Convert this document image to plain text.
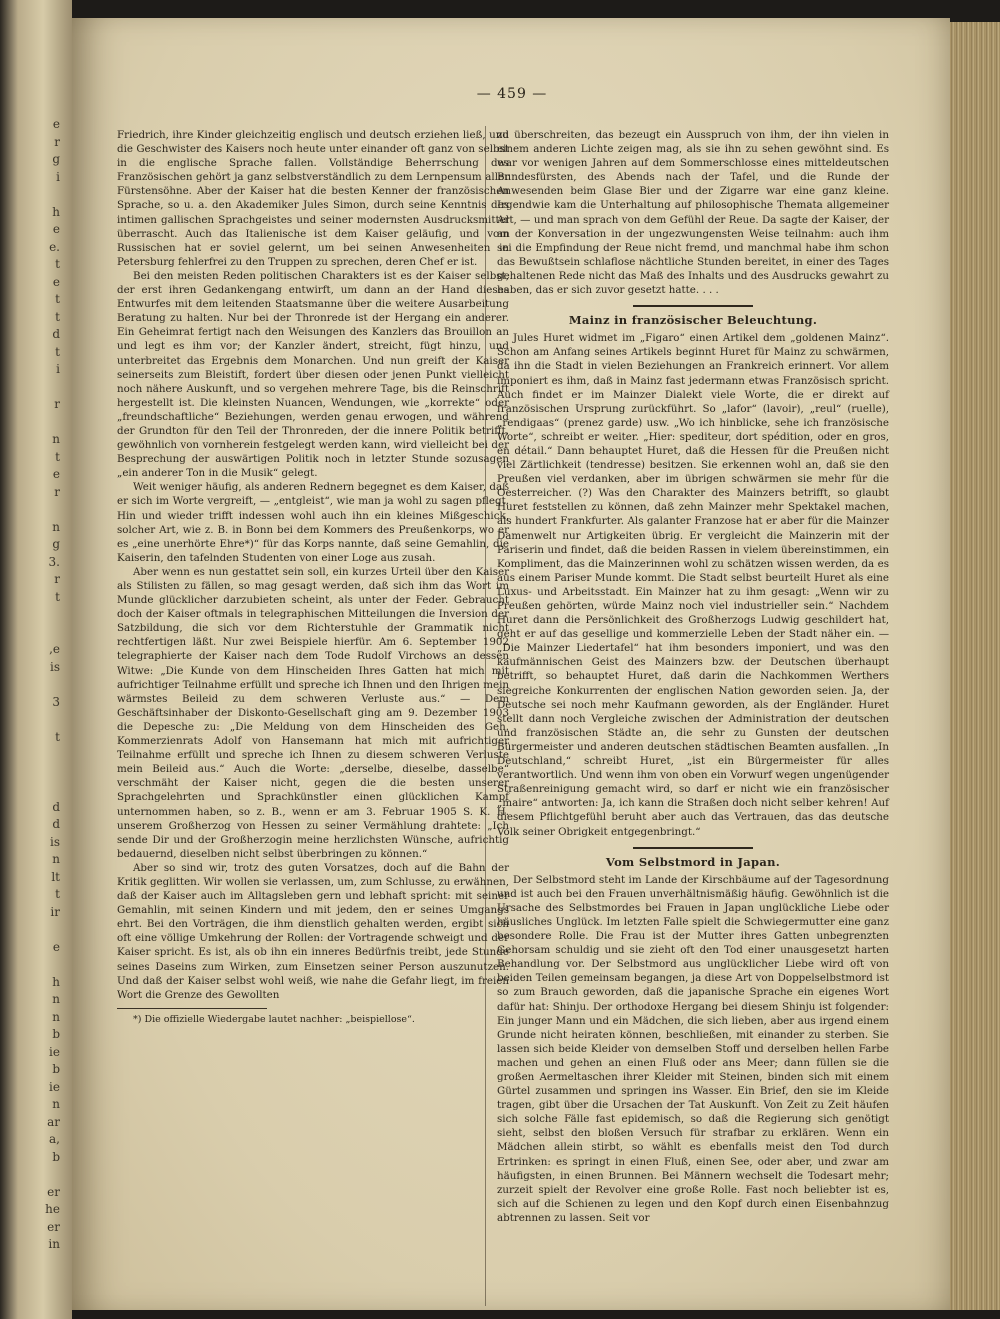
e
r
g
i
h
e
e.
t
e
t
t
d
t
i
r
n
t
e
r
n
g
3.
r
t
,e
is
3
t
d
d
is
n
lt
t
ir
e
h
n
n
b
ie
b
ie
n
ar
a,
b
er
he
er
in
— 459 —

Friedrich, ihre Kinder gleichzeitig englisch und deutsch erziehen ließ, und die Geschwister des Kaisers noch heute unter einander oft ganz von selbst in die englische Sprache fallen. Vollständige Beherrschung des Französischen gehört ja ganz selbstverständlich zu dem Lernpensum aller Fürstensöhne. Aber der Kaiser hat die besten Kenner der französischen Sprache, so u. a. den Akademiker Jules Simon, durch seine Kenntnis des intimen gallischen Sprachgeistes und seiner modernsten Ausdrucksmittel überrascht. Auch das Italienische ist dem Kaiser geläufig, und vom Russischen hat er soviel gelernt, um bei seinen Anwesenheiten in Petersburg fehlerfrei zu den Truppen zu sprechen, deren Chef er ist.

Bei den meisten Reden politischen Charakters ist es der Kaiser selbst, der erst ihren Gedankengang entwirft, um dann an der Hand dieses Entwurfes mit dem leitenden Staatsmanne über die weitere Ausarbeitung Beratung zu halten. Nur bei der Thronrede ist der Hergang ein anderer. Ein Geheimrat fertigt nach den Weisungen des Kanzlers das Brouillon an und legt es ihm vor; der Kanzler ändert, streicht, fügt hinzu, und unterbreitet das Ergebnis dem Monarchen. Und nun greift der Kaiser seinerseits zum Bleistift, fordert über diesen oder jenen Punkt vielleicht noch nähere Auskunft, und so vergehen mehrere Tage, bis die Reinschrift hergestellt ist. Die kleinsten Nuancen, Wendungen, wie „korrekte“ oder „freundschaftliche“ Beziehungen, werden genau erwogen, und während der Grundton für den Teil der Thronreden, der die innere Politik betrifft, gewöhnlich von vornherein festgelegt werden kann, wird vielleicht bei der Besprechung der auswärtigen Politik noch in letzter Stunde sozusagen „ein anderer Ton in die Musik“ gelegt.

Weit weniger häufig, als anderen Rednern begegnet es dem Kaiser, daß er sich im Worte vergreift, — „entgleist“, wie man ja wohl zu sagen pflegt. Hin und wieder trifft indessen wohl auch ihn ein kleines Mißgeschick, solcher Art, wie z. B. in Bonn bei dem Kommers des Preußenkorps, wo er es „eine unerhörte Ehre*)“ für das Korps nannte, daß seine Gemahlin, die Kaiserin, den tafelnden Studenten von einer Loge aus zusah.

Aber wenn es nun gestattet sein soll, ein kurzes Urteil über den Kaiser als Stilisten zu fällen, so mag gesagt werden, daß sich ihm das Wort im Munde glücklicher darzubieten scheint, als unter der Feder. Gebraucht doch der Kaiser oftmals in telegraphischen Mitteilungen die Inversion der Satzbildung, die sich vor dem Richterstuhle der Grammatik nicht rechtfertigen läßt. Nur zwei Beispiele hierfür. Am 6. September 1902 telegraphierte der Kaiser nach dem Tode Rudolf Virchows an dessen Witwe: „Die Kunde von dem Hinscheiden Ihres Gatten hat mich mit aufrichtiger Teilnahme erfüllt und spreche ich Ihnen und den Ihrigen mein wärmstes Beileid zu dem schweren Verluste aus.“ — Dem Geschäftsinhaber der Diskonto-Gesellschaft ging am 9. Dezember 1903 die Depesche zu: „Die Meldung von dem Hinscheiden des Geh. Kommerzienrats Adolf von Hansemann hat mich mit aufrichtiger Teilnahme erfüllt und spreche ich Ihnen zu diesem schweren Verluste mein Beileid aus.“ Auch die Worte: „derselbe, dieselbe, dasselbe“ verschmäht der Kaiser nicht, gegen die die besten unserer Sprachgelehrten und Sprachkünstler einen glücklichen Kampf unternommen haben, so z. B., wenn er am 3. Februar 1905 S. K. H. unserem Großherzog von Hessen zu seiner Vermählung drahtete: „Ich sende Dir und der Großherzogin meine herzlichsten Wünsche, aufrichtig bedauernd, dieselben nicht selbst überbringen zu können.“

Aber so sind wir, trotz des guten Vorsatzes, doch auf die Bahn der Kritik geglitten. Wir wollen sie verlassen, um, zum Schlusse, zu erwähnen, daß der Kaiser auch im Alltagsleben gern und lebhaft spricht: mit seiner Gemahlin, mit seinen Kindern und mit jedem, den er seines Umgangs ehrt. Bei den Vorträgen, die ihm dienstlich gehalten werden, ergibt sich oft eine völlige Umkehrung der Rollen: der Vortragende schweigt und der Kaiser spricht. Es ist, als ob ihn ein inneres Bedürfnis treibt, jede Stunde seines Daseins zum Wirken, zum Einsetzen seiner Person auszunutzen. Und daß der Kaiser selbst wohl weiß, wie nahe die Gefahr liegt, im freien Wort die Grenze des Gewollten

*) Die offizielle Wiedergabe lautet nachher: „beispiellose“.

zu überschreiten, das bezeugt ein Ausspruch von ihm, der ihn vielen in einem anderen Lichte zeigen mag, als sie ihn zu sehen gewöhnt sind. Es war vor wenigen Jahren auf dem Sommerschlosse eines mitteldeutschen Bundesfürsten, des Abends nach der Tafel, und die Runde der Anwesenden beim Glase Bier und der Zigarre war eine ganz kleine. Irgendwie kam die Unterhaltung auf philosophische Themata allgemeiner Art, — und man sprach von dem Gefühl der Reue. Da sagte der Kaiser, der an der Konversation in der ungezwungensten Weise teilnahm: auch ihm sei die Empfindung der Reue nicht fremd, und manchmal habe ihm schon das Bewußtsein schlaflose nächtliche Stunden bereitet, in einer des Tages gehaltenen Rede nicht das Maß des Inhalts und des Ausdrucks gewahrt zu haben, das er sich zuvor gesetzt hatte. . . .

Mainz in französischer Beleuchtung.

Jules Huret widmet im „Figaro“ einen Artikel dem „goldenen Mainz“. Schon am Anfang seines Artikels beginnt Huret für Mainz zu schwärmen, da ihn die Stadt in vielen Beziehungen an Frankreich erinnert. Vor allem imponiert es ihm, daß in Mainz fast jedermann etwas Französisch spricht. Auch findet er im Mainzer Dialekt viele Worte, die er direkt auf französischen Ursprung zurückführt. So „lafor“ (lavoir), „reul“ (ruelle), „rendigaas“ (prenez garde) usw. „Wo ich hinblicke, sehe ich französische Worte“, schreibt er weiter. „Hier: spediteur, dort spédition, oder en gros, en détail.“ Dann behauptet Huret, daß die Hessen für die Preußen nicht viel Zärtlichkeit (tendresse) besitzen. Sie erkennen wohl an, daß sie den Preußen viel verdanken, aber im übrigen schwärmen sie mehr für die Oesterreicher. (?) Was den Charakter des Mainzers betrifft, so glaubt Huret feststellen zu können, daß zehn Mainzer mehr Spektakel machen, als hundert Frankfurter. Als galanter Franzose hat er aber für die Mainzer Damenwelt nur Artigkeiten übrig. Er vergleicht die Mainzerin mit der Pariserin und findet, daß die beiden Rassen in vielem übereinstimmen, ein Kompliment, das die Mainzerinnen wohl zu schätzen wissen werden, da es aus einem Pariser Munde kommt. Die Stadt selbst beurteilt Huret als eine Luxus- und Arbeitsstadt. Ein Mainzer hat zu ihm gesagt: „Wenn wir zu Preußen gehörten, würde Mainz noch viel industrieller sein.“ Nachdem Huret dann die Persönlichkeit des Großherzogs Ludwig geschildert hat, geht er auf das gesellige und kommerzielle Leben der Stadt näher ein. — „Die Mainzer Liedertafel“ hat ihm besonders imponiert, und was den kaufmännischen Geist des Mainzers bzw. der Deutschen überhaupt betrifft, so behauptet Huret, daß darin die Nachkommen Werthers siegreiche Konkurrenten der englischen Nation geworden seien. Ja, der Deutsche sei noch mehr Kaufmann geworden, als der Engländer. Huret stellt dann noch Vergleiche zwischen der Administration der deutschen und französischen Städte an, die sehr zu Gunsten der deutschen Bürgermeister und anderen deutschen städtischen Beamten ausfallen. „In Deutschland,“ schreibt Huret, „ist ein Bürgermeister für alles verantwortlich. Und wenn ihm von oben ein Vorwurf wegen ungenügender Straßenreinigung gemacht wird, so darf er nicht wie ein französischer „maire“ antworten: Ja, ich kann die Straßen doch nicht selber kehren! Auf diesem Pflichtgefühl beruht aber auch das Vertrauen, das das deutsche Volk seiner Obrigkeit entgegenbringt.“

Vom Selbstmord in Japan.

Der Selbstmord steht im Lande der Kirschbäume auf der Tagesordnung und ist auch bei den Frauen unverhältnismäßig häufig. Gewöhnlich ist die Ursache des Selbstmordes bei Frauen in Japan unglückliche Liebe oder häusliches Unglück. Im letzten Falle spielt die Schwiegermutter eine ganz besondere Rolle. Die Frau ist der Mutter ihres Gatten unbegrenzten Gehorsam schuldig und sie zieht oft den Tod einer unausgesetzt harten Behandlung vor. Der Selbstmord aus unglücklicher Liebe wird oft von beiden Teilen gemeinsam begangen, ja diese Art von Doppelselbstmord ist so zum Brauch geworden, daß die japanische Sprache ein eigenes Wort dafür hat: Shinju. Der orthodoxe Hergang bei diesem Shinju ist folgender: Ein junger Mann und ein Mädchen, die sich lieben, aber aus irgend einem Grunde nicht heiraten können, beschließen, mit einander zu sterben. Sie lassen sich beide Kleider von demselben Stoff und derselben hellen Farbe machen und gehen an einen Fluß oder ans Meer; dann füllen sie die großen Aermeltaschen ihrer Kleider mit Steinen, binden sich mit einem Gürtel zusammen und springen ins Wasser. Ein Brief, den sie im Kleide tragen, gibt über die Ursachen der Tat Auskunft. Von Zeit zu Zeit häufen sich solche Fälle fast epidemisch, so daß die Regierung sich genötigt sieht, selbst den bloßen Versuch für strafbar zu erklären. Wenn ein Mädchen allein stirbt, so wählt es ebenfalls meist den Tod durch Ertrinken: es springt in einen Fluß, einen See, oder aber, und zwar am häufigsten, in einen Brunnen. Bei Männern wechselt die Todesart mehr; zurzeit spielt der Revolver eine große Rolle. Fast noch beliebter ist es, sich auf die Schienen zu legen und den Kopf durch einen Eisenbahnzug abtrennen zu lassen. Seit vor
